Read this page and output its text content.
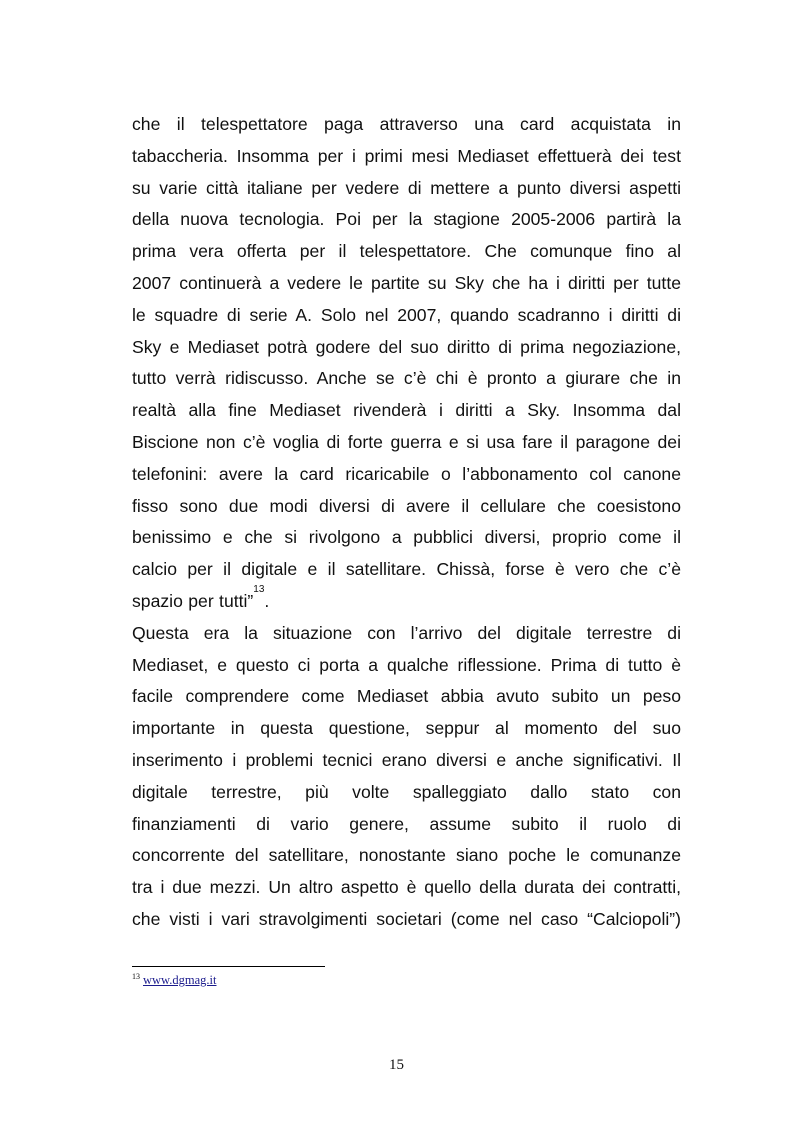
che il telespettatore paga attraverso una card acquistata in
tabaccheria. Insomma per i primi mesi Mediaset effettuerà dei test
su varie città italiane per vedere di mettere a punto diversi aspetti
della nuova tecnologia. Poi per la stagione 2005-2006 partirà la
prima vera offerta per il telespettatore. Che comunque fino al
2007 continuerà a vedere le partite su Sky che ha i diritti per tutte
le squadre di serie A. Solo nel 2007, quando scadranno i diritti di
Sky e Mediaset potrà godere del suo diritto di prima negoziazione,
tutto verrà ridiscusso. Anche se c’è chi è pronto a giurare che in
realtà alla fine Mediaset rivenderà i diritti a Sky. Insomma dal
Biscione non c’è voglia di forte guerra e si usa fare il paragone dei
telefonini: avere la card ricaricabile o l’abbonamento col canone
fisso sono due modi diversi di avere il cellulare che coesistono
benissimo e che si rivolgono a pubblici diversi, proprio come il
calcio per il digitale e il satellitare. Chissà, forse è vero che c’è
spazio per tutti”$^{13}$.
Questa era la situazione con l’arrivo del digitale terrestre di
Mediaset, e questo ci porta a qualche riflessione. Prima di tutto è
facile comprendere come Mediaset abbia avuto subito un peso
importante in questa questione, seppur al momento del suo
inserimento i problemi tecnici erano diversi e anche significativi. Il
digitale terrestre, più volte spalleggiato dallo stato con
finanziamenti di vario genere, assume subito il ruolo di
concorrente del satellitare, nonostante siano poche le comunanze
tra i due mezzi. Un altro aspetto è quello della durata dei contratti,
che visti i vari stravolgimenti societari (come nel caso “Calciopoli”)
$^{13}$ www.dgmag.it
15
